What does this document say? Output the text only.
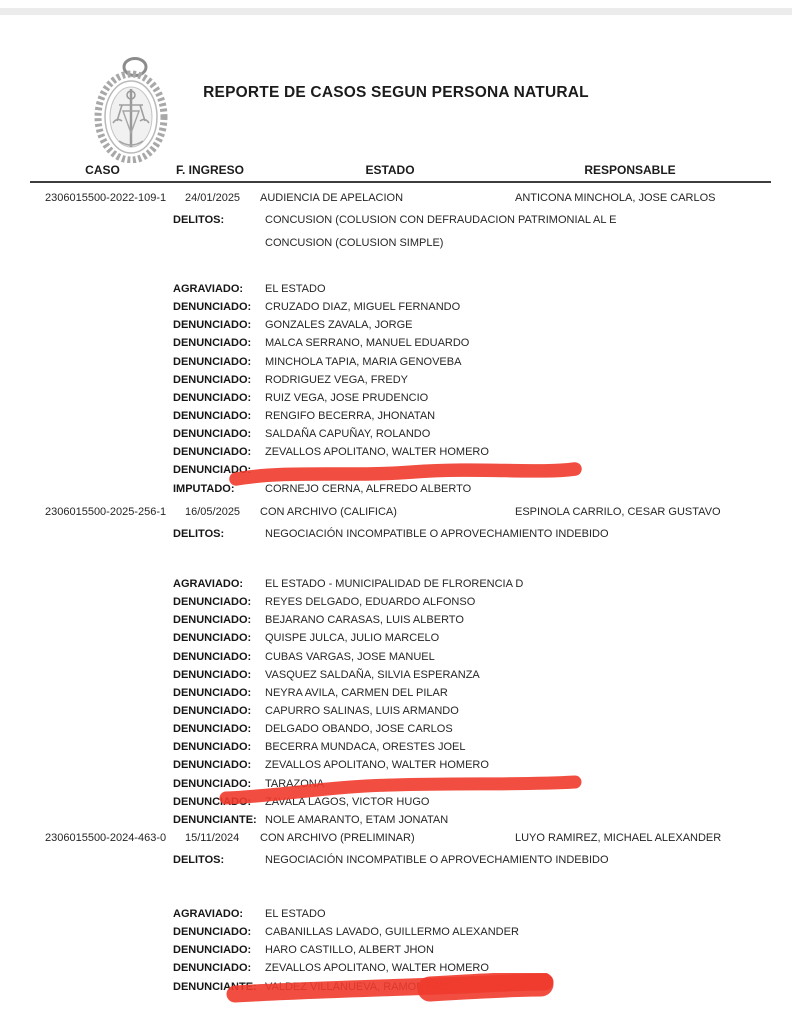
REPORTE DE CASOS SEGUN PERSONA NATURAL
CASO	F. INGRESO	ESTADO	RESPONSABLE
2306015500-2022-109-1 24/01/2025 AUDIENCIA DE APELACION	ANTICONA MINCHOLA, JOSE CARLOS
DELITOS:	CONCUSION (COLUSION CON DEFRAUDACION PATRIMONIAL AL E
CONCUSION (COLUSION SIMPLE)
AGRAVIADO:	EL ESTADO
DENUNCIADO:	CRUZADO DIAZ, MIGUEL FERNANDO
DENUNCIADO:	GONZALES ZAVALA, JORGE
DENUNCIADO:	MALCA SERRANO, MANUEL EDUARDO
DENUNCIADO:	MINCHOLA TAPIA, MARIA GENOVEBA
DENUNCIADO:	RODRIGUEZ VEGA, FREDY
DENUNCIADO:	RUIZ VEGA, JOSE PRUDENCIO
DENUNCIADO:	RENGIFO BECERRA, JHONATAN
DENUNCIADO:	SALDAÑA CAPUÑAY, ROLANDO
DENUNCIADO:	ZEVALLOS APOLITANO, WALTER HOMERO
DENUNCIADO:
IMPUTADO:	CORNEJO CERNA, ALFREDO ALBERTO
2306015500-2025-256-1 16/05/2025 CON ARCHIVO (CALIFICA)	ESPINOLA CARRILO, CESAR GUSTAVO
DELITOS:	NEGOCIACIÓN INCOMPATIBLE O APROVECHAMIENTO INDEBIDO
AGRAVIADO:	EL ESTADO - MUNICIPALIDAD DE FLRORENCIA D
DENUNCIADO:	REYES DELGADO, EDUARDO ALFONSO
DENUNCIADO:	BEJARANO CARASAS, LUIS ALBERTO
DENUNCIADO:	QUISPE JULCA, JULIO MARCELO
DENUNCIADO:	CUBAS VARGAS, JOSE MANUEL
DENUNCIADO:	VASQUEZ SALDAÑA, SILVIA ESPERANZA
DENUNCIADO:	NEYRA AVILA, CARMEN DEL PILAR
DENUNCIADO:	CAPURRO SALINAS, LUIS ARMANDO
DENUNCIADO:	DELGADO OBANDO, JOSE CARLOS
DENUNCIADO:	BECERRA MUNDACA, ORESTES JOEL
DENUNCIADO:	ZEVALLOS APOLITANO, WALTER HOMERO
DENUNCIADO:	TARAZONA
DENUNCIADO:	ZAVALA LAGOS, VICTOR HUGO
DENUNCIANTE: NOLE AMARANTO, ETAM JONATAN
2306015500-2024-463-0 15/11/2024 CON ARCHIVO (PRELIMINAR)	LUYO RAMIREZ, MICHAEL ALEXANDER
DELITOS:	NEGOCIACIÓN INCOMPATIBLE O APROVECHAMIENTO INDEBIDO
AGRAVIADO:	EL ESTADO
DENUNCIADO:	CABANILLAS LAVADO, GUILLERMO ALEXANDER
DENUNCIADO:	HARO CASTILLO, ALBERT JHON
DENUNCIADO:	ZEVALLOS APOLITANO, WALTER HOMERO
DENUNCIANTE: VALDEZ VILLANUEVA, RAMON FABI
